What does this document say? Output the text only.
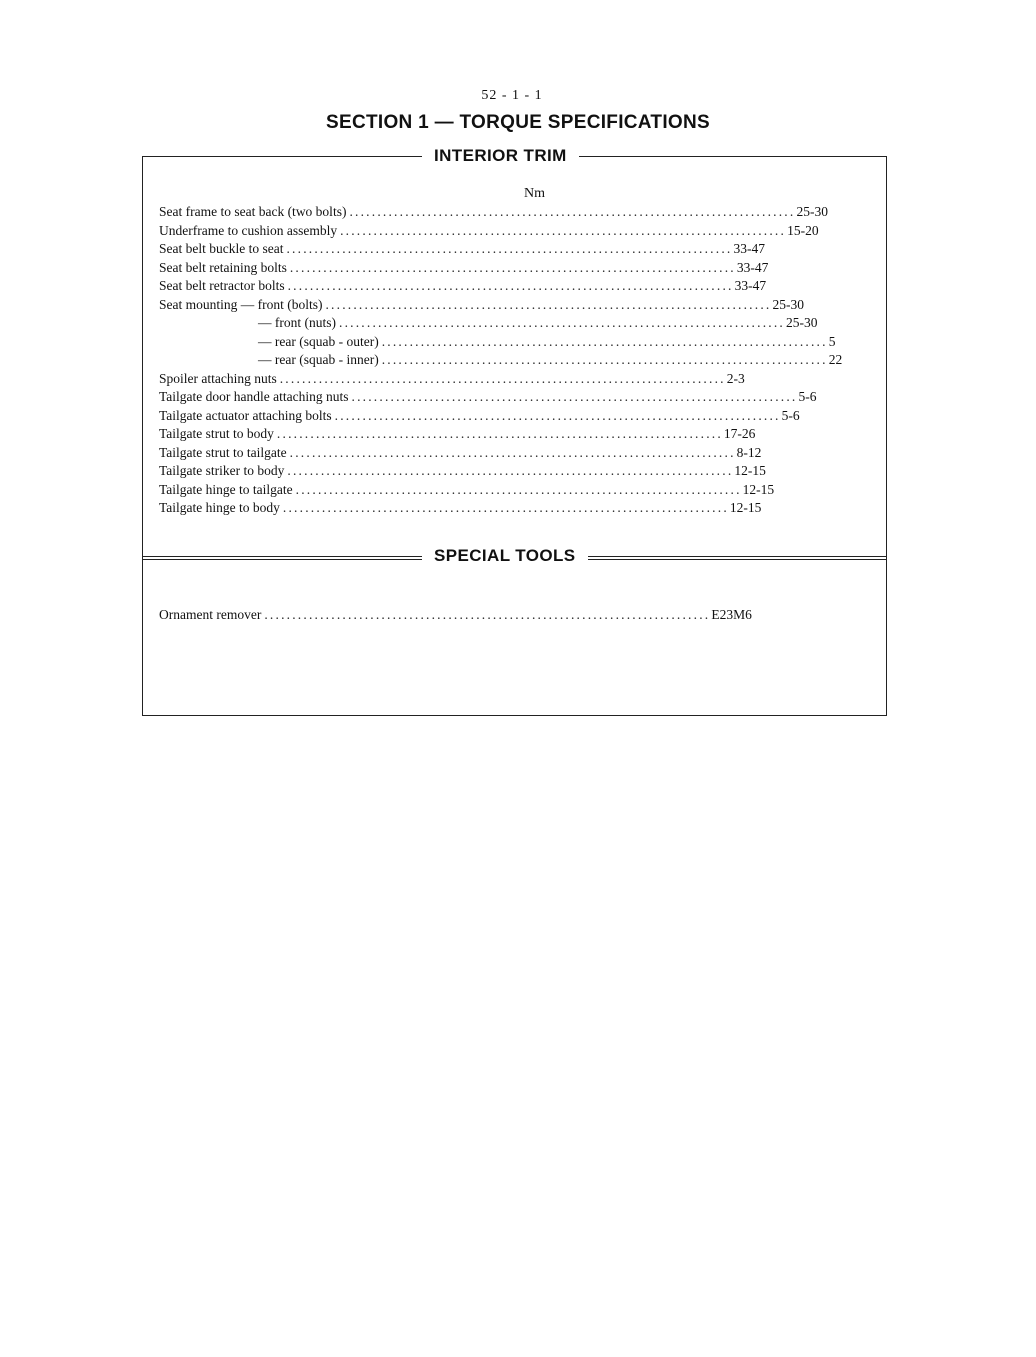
52 - 1 - 1
SECTION 1 — TORQUE SPECIFICATIONS
INTERIOR TRIM
Nm
Seat frame to seat back (two bolts) ................................................................................ 25-30
Underframe to cushion assembly ................................................................................ 15-20
Seat belt buckle to seat ................................................................................ 33-47
Seat belt retaining bolts ................................................................................ 33-47
Seat belt retractor bolts ................................................................................ 33-47
Seat mounting — front (bolts) ................................................................................ 25-30
— front (nuts) ................................................................................ 25-30
— rear (squab - outer) ................................................................................ 5
— rear (squab - inner) ................................................................................ 22
Spoiler attaching nuts ................................................................................ 2-3
Tailgate door handle attaching nuts ................................................................................ 5-6
Tailgate actuator attaching bolts ................................................................................ 5-6
Tailgate strut to body ................................................................................ 17-26
Tailgate strut to tailgate ................................................................................ 8-12
Tailgate striker to body ................................................................................ 12-15
Tailgate hinge to tailgate ................................................................................ 12-15
Tailgate hinge to body ................................................................................ 12-15
SPECIAL TOOLS
Ornament remover ................................................................................ E23M6
